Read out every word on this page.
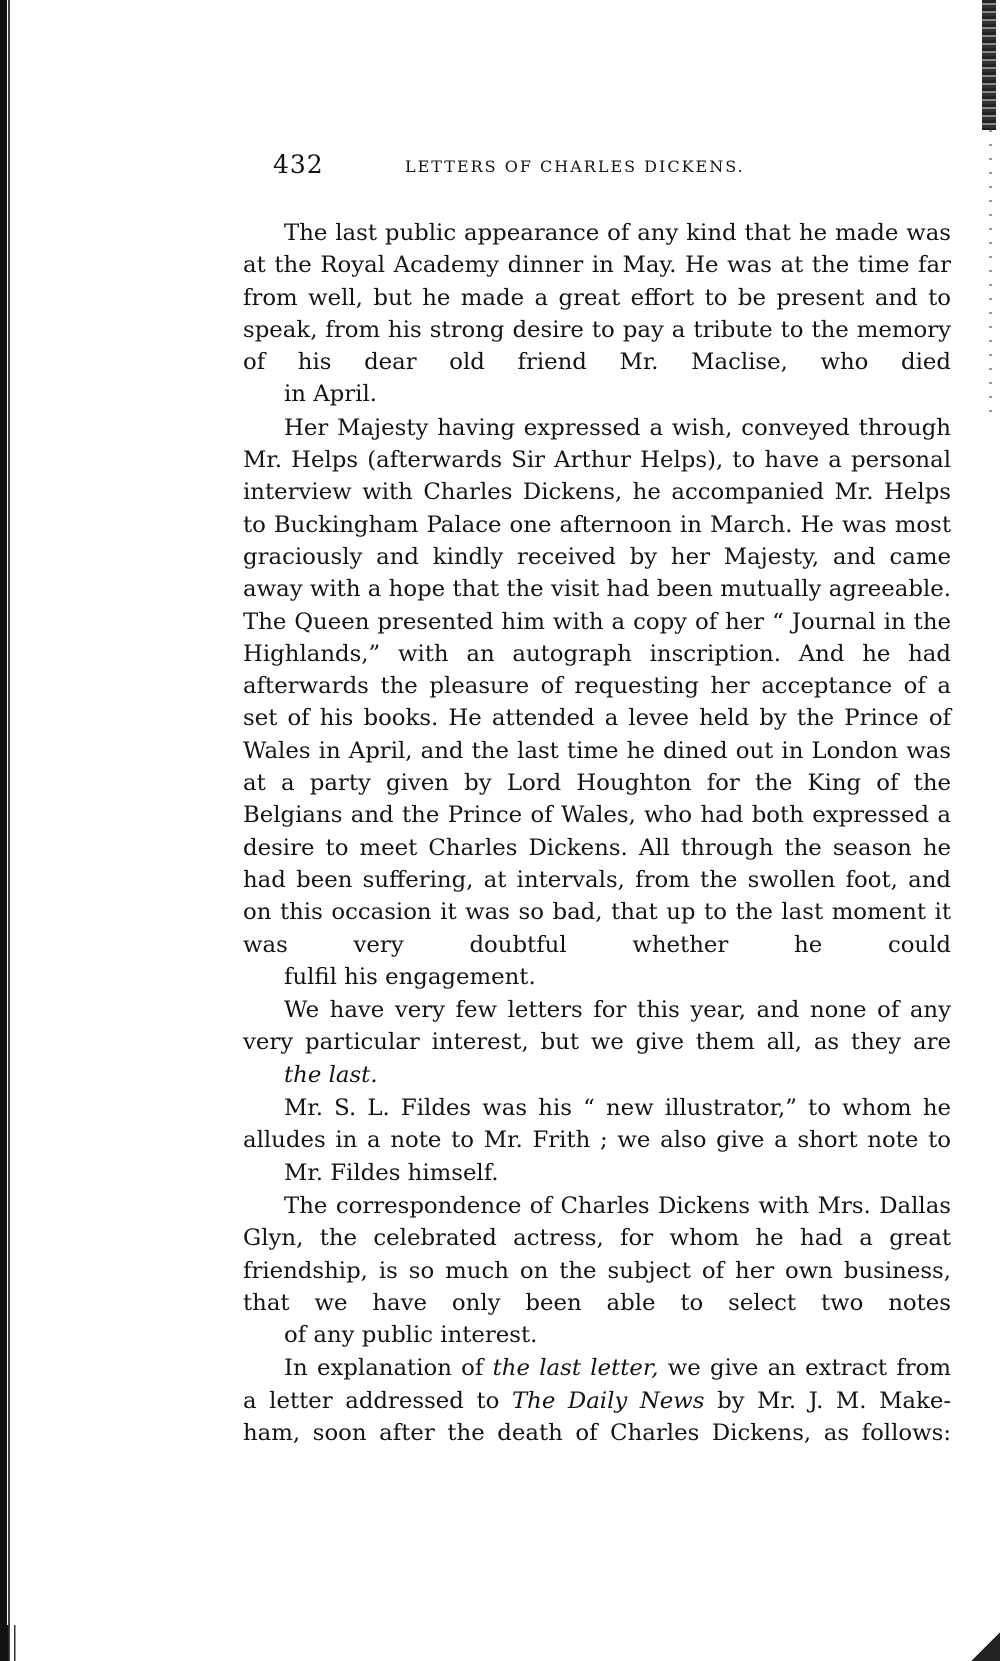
432	LETTERS OF CHARLES DICKENS.

The last public appearance of any kind that he made was at the Royal Academy dinner in May. He was at the time far from well, but he made a great effort to be present and to speak, from his strong desire to pay a tribute to the memory of his dear old friend Mr. Maclise, who died
in April.

Her Majesty having expressed a wish, conveyed through Mr. Helps (afterwards Sir Arthur Helps), to have a personal interview with Charles Dickens, he accompanied Mr. Helps to Buckingham Palace one afternoon in March. He was most graciously and kindly received by her Majesty, and came away with a hope that the visit had been mutually agreeable. The Queen presented him with a copy of her “ Journal in the Highlands,” with an autograph inscription. And he had afterwards the pleasure of requesting her acceptance of a set of his books. He attended a levee held by the Prince of Wales in April, and the last time he dined out in London was at a party given by Lord Houghton for the King of the Belgians and the Prince of Wales, who had both expressed a desire to meet Charles Dickens. All through the season he had been suffering, at intervals, from the swollen foot, and on this occasion it was so bad, that up to the last moment it was very doubtful whether he could
fulfil his engagement.

We have very few letters for this year, and none of any very particular interest, but we give them all, as they are
the last.

Mr. S. L. Fildes was his “ new illustrator,” to whom he alludes in a note to Mr. Frith ; we also give a short note to
Mr. Fildes himself.

The correspondence of Charles Dickens with Mrs. Dallas Glyn, the celebrated actress, for whom he had a great friendship, is so much on the subject of her own business, that we have only been able to select two notes
of any public interest.

In explanation of the last letter, we give an extract from a letter addressed to The Daily News by Mr. J. M. Make- ham, soon after the death of Charles Dickens, as follows:
